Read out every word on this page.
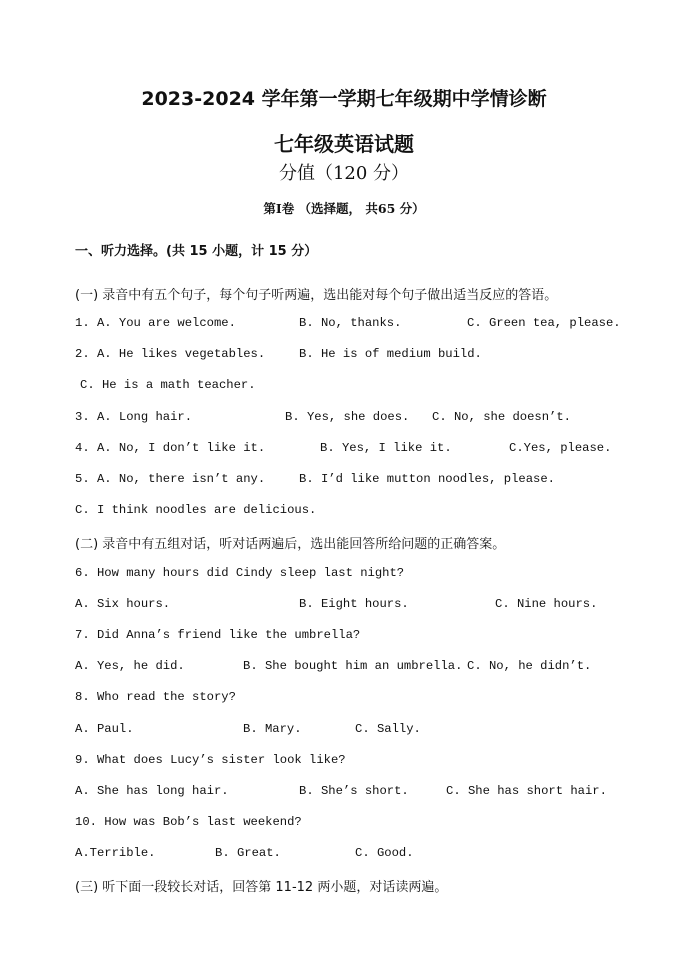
2023-2024 学年第一学期七年级期中学情诊断
七年级英语试题
分值（120 分）
第Ⅰ卷 （选择题， 共65 分）
一、听力选择。(共 15 小题，计 15 分）
(一) 录音中有五个句子，每个句子听两遍，选出能对每个句子做出适当反应的答语。
1. A. You are welcome.	B. No, thanks.	C. Green tea, please.
2. A. He likes vegetables.	B. He is of medium build.
C. He is a math teacher.
3. A. Long hair.	B. Yes, she does. C. No, she doesn’t.
4. A. No, I don’t like it.	B. Yes, I like it.	C.Yes, please.
5. A. No, there isn’t any.	B. I’d like mutton noodles, please.
C. I think noodles are delicious.
(二) 录音中有五组对话，听对话两遍后，选出能回答所给问题的正确答案。
6. How many hours did Cindy sleep last night?
A. Six hours.	B. Eight hours.	C. Nine hours.
7. Did Anna’s friend like the umbrella?
A. Yes, he did.	B. She bought him an umbrella. C. No, he didn’t.
8. Who read the story?
A. Paul.	B. Mary.	C. Sally.
9. What does Lucy’s sister look like?
A. She has long hair.	B. She’s short.	C. She has short hair.
10. How was Bob’s last weekend?
A.Terrible.	B. Great.	C. Good.
(三) 听下面一段较长对话，回答第 11-12 两小题，对话读两遍。
